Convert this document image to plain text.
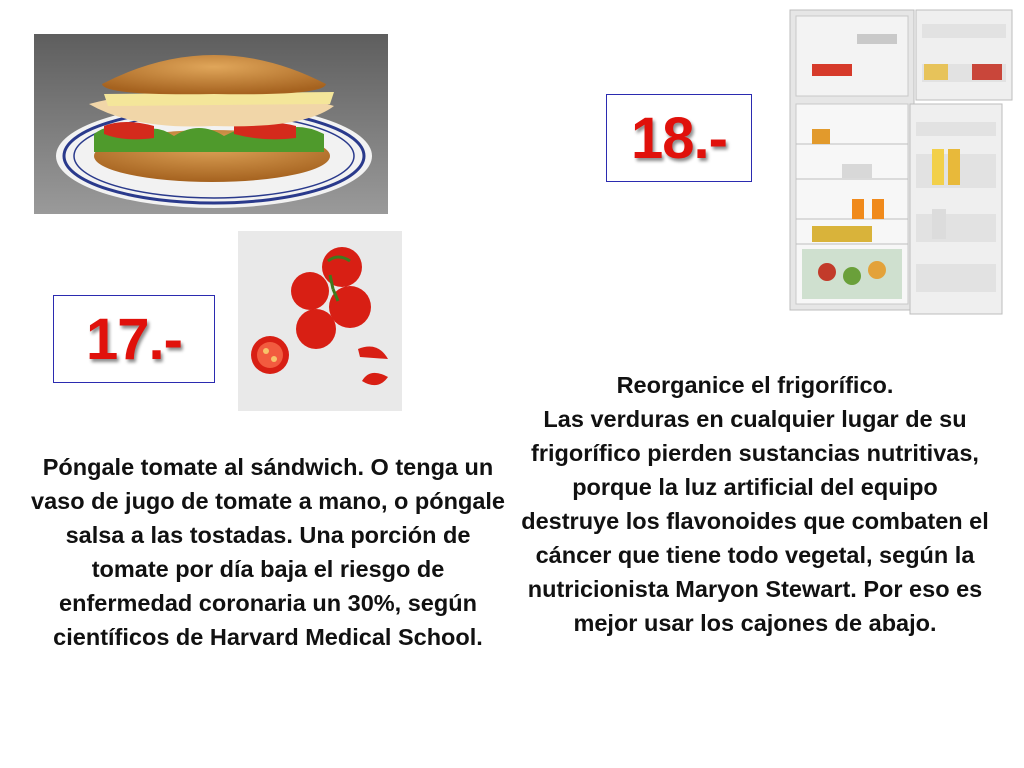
17.-
18.-
Póngale tomate al sándwich. O tenga un vaso de jugo de tomate a mano, o póngale salsa a las tostadas. Una porción de tomate por día baja el riesgo de enfermedad coronaria un 30%, según científicos de Harvard Medical School.
Reorganice el frigorífico.
Las verduras en cualquier lugar de su frigorífico pierden sustancias nutritivas, porque la luz artificial del equipo destruye los flavonoides que combaten el cáncer que tiene todo vegetal, según la nutricionista Maryon Stewart. Por eso es mejor usar los cajones de abajo.
